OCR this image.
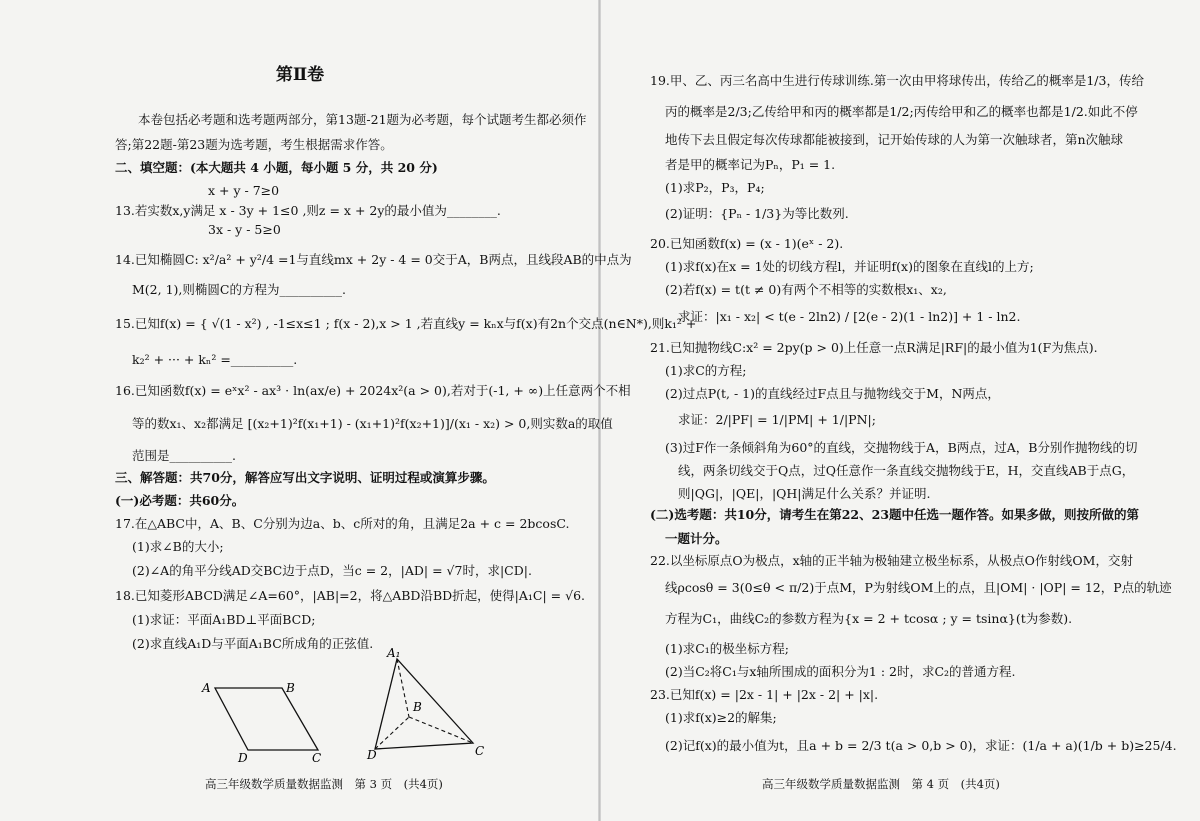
第Ⅱ卷
A	B
D	C
A₁
B
D	C
高三年级数学质量数据监测　第 3 页　(共4页)	高三年级数学质量数据监测　第 4 页　(共4页)
本卷包括必考题和选考题两部分，第13题-21题为必考题，每个试题考生都必须作
答;第22题-第23题为选考题，考生根据需求作答。
二、填空题：(本大题共 4 小题，每小题 5 分，共 20 分)
x + y - 7≥0
13.若实数x,y满足 x - 3y + 1≤0 ,则z = x + 2y的最小值为________.
3x - y - 5≥0
14.已知椭圆C: x²/a² + y²/4 =1与直线mx + 2y - 4 = 0交于A，B两点，且线段AB的中点为
M(2, 1),则椭圆C的方程为__________.
15.已知f(x) = { √(1 - x²) , -1≤x≤1 ; f(x - 2),x > 1 ,若直线y = kₙx与f(x)有2n个交点(n∈N*),则k₁² +
k₂² + ··· + kₙ² =__________.
16.已知函数f(x) = eˣx² - ax³ · ln(ax/e) + 2024x²(a > 0),若对于(-1, + ∞)上任意两个不相
等的数x₁、x₂都满足 [(x₂+1)²f(x₁+1) - (x₁+1)²f(x₂+1)]/(x₁ - x₂) > 0,则实数a的取值
范围是__________.
三、解答题：共70分，解答应写出文字说明、证明过程或演算步骤。
(一)必考题：共60分。
17.在△ABC中，A、B、C分别为边a、b、c所对的角，且满足2a + c = 2bcosC.
(1)求∠B的大小;
(2)∠A的角平分线AD交BC边于点D，当c = 2，|AD| = √7时，求|CD|.
18.已知菱形ABCD满足∠A=60°，|AB|=2，将△ABD沿BD折起，使得|A₁C| = √6.
(1)求证：平面A₁BD⊥平面BCD;
(2)求直线A₁D与平面A₁BC所成角的正弦值.
19.甲、乙、丙三名高中生进行传球训练.第一次由甲将球传出，传给乙的概率是1/3，传给
丙的概率是2/3;乙传给甲和丙的概率都是1/2;丙传给甲和乙的概率也都是1/2.如此不停
地传下去且假定每次传球都能被接到，记开始传球的人为第一次触球者，第n次触球
者是甲的概率记为Pₙ，P₁ = 1.
(1)求P₂，P₃，P₄;
(2)证明：{Pₙ - 1/3}为等比数列.
20.已知函数f(x) = (x - 1)(eˣ - 2).
(1)求f(x)在x = 1处的切线方程l，并证明f(x)的图象在直线l的上方;
(2)若f(x) = t(t ≠ 0)有两个不相等的实数根x₁、x₂,
求证：|x₁ - x₂| < t(e - 2ln2) / [2(e - 2)(1 - ln2)] + 1 - ln2.
21.已知抛物线C:x² = 2py(p > 0)上任意一点R满足|RF|的最小值为1(F为焦点).
(1)求C的方程;
(2)过点P(t, - 1)的直线经过F点且与抛物线交于M，N两点，
求证：2/|PF| = 1/|PM| + 1/|PN|;
(3)过F作一条倾斜角为60°的直线，交抛物线于A，B两点，过A，B分别作抛物线的切
线，两条切线交于Q点，过Q任意作一条直线交抛物线于E，H，交直线AB于点G，
则|QG|，|QE|，|QH|满足什么关系？并证明.
(二)选考题：共10分，请考生在第22、23题中任选一题作答。如果多做，则按所做的第
一题计分。
22.以坐标原点O为极点，x轴的正半轴为极轴建立极坐标系，从极点O作射线OM，交射
线ρcosθ = 3(0≤θ < π/2)于点M，P为射线OM上的点，且|OM| · |OP| = 12，P点的轨迹
方程为C₁，曲线C₂的参数方程为{x = 2 + tcosα ; y = tsinα}(t为参数).
(1)求C₁的极坐标方程;
(2)当C₂将C₁与x轴所围成的面积分为1 : 2时，求C₂的普通方程.
23.已知f(x) = |2x - 1| + |2x - 2| + |x|.
(1)求f(x)≥2的解集;
(2)记f(x)的最小值为t，且a + b = 2/3 t(a > 0,b > 0)，求证：(1/a + a)(1/b + b)≥25/4.
